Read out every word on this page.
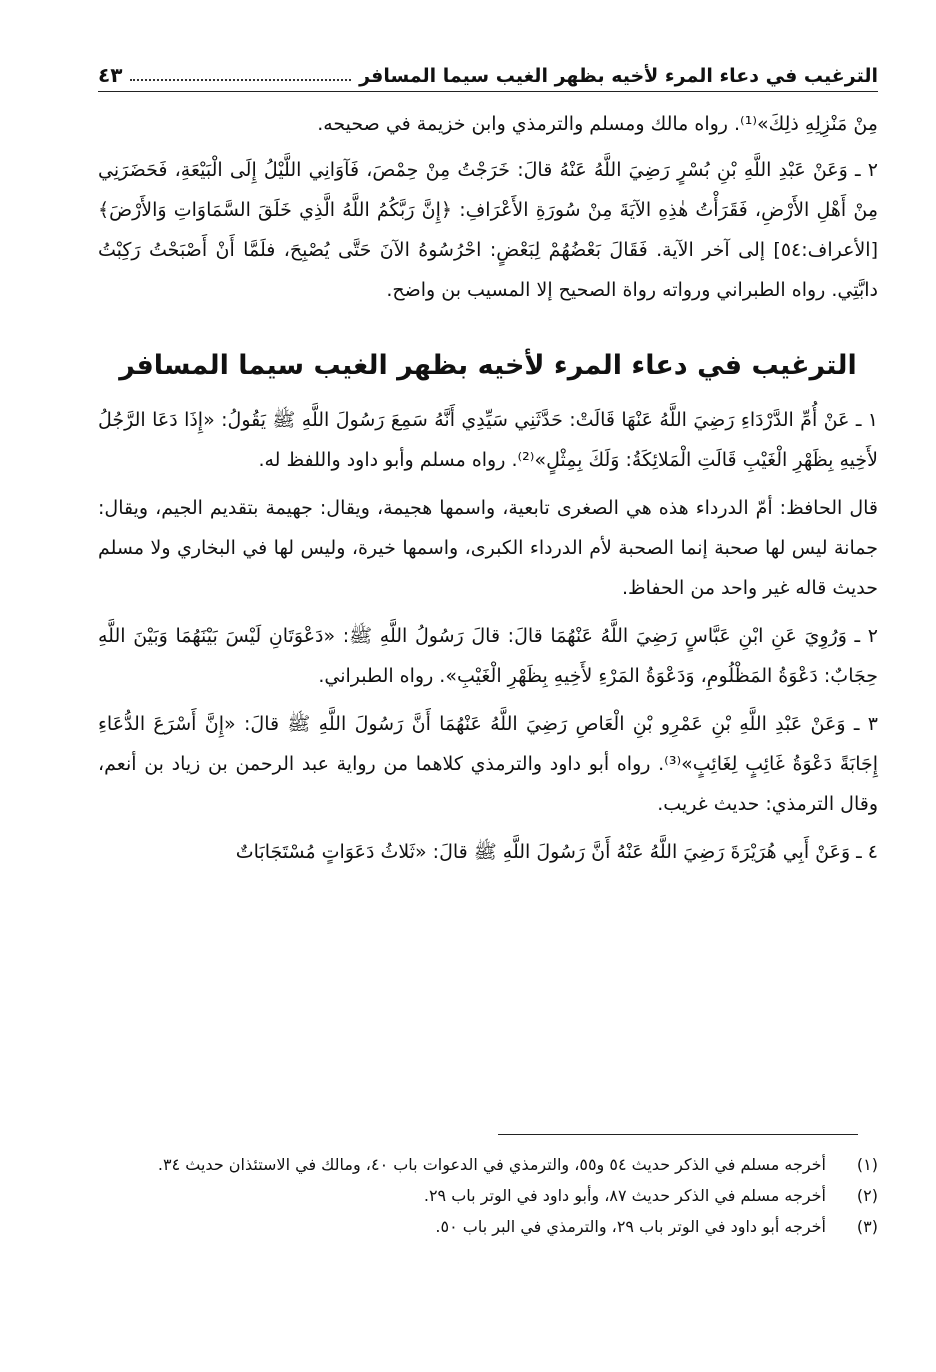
الترغيب في دعاء المرء لأخيه بظهر الغيب سيما المسافر
٤٣

مِنْ مَنْزِلِهِ ذلِكَ»⁽¹⁾. رواه مالك ومسلم والترمذي وابن خزيمة في صحيحه.

٢ ـ وَعَنْ عَبْدِ اللَّهِ بْنِ بُسْرٍ رَضِيَ اللَّهُ عَنْهُ قالَ: خَرَجْتُ مِنْ حِمْصَ، فَآوَانِي اللَّيْلُ إِلَى الْبَيْعَةِ، فَحَضَرَنِي مِنْ أَهْلِ الأَرْضِ، فَقَرَأْتُ هٰذِهِ الآيَةَ مِنْ سُورَةِ الأَعْرَافِ: ﴿إِنَّ رَبَّكُمُ اللَّهُ الَّذِي خَلَقَ السَّمَاوَاتِ وَالأَرْضَ﴾[الأعراف:٥٤] إلى آخر الآية. فَقَالَ بَعْضُهُمْ لِبَعْضٍ: احْرُسُوهُ الآنَ حَتَّى يُصْبِحَ، فلَمَّا أَنْ أَصْبَحْتُ رَكِبْتُ دابَّتِي. رواه الطبراني ورواته رواة الصحيح إلا المسيب بن واضح.

الترغيب في دعاء المرء لأخيه بظهر الغيب سيما المسافر

١ ـ عَنْ أُمِّ الدَّرْدَاءِ رَضِيَ اللَّهُ عَنْهَا قَالَتْ: حَدَّثَنِي سَيِّدِي أَنَّهُ سَمِعَ رَسُولَ اللَّهِ ﷺ يَقُولُ: «إِذَا دَعَا الرَّجُلُ لأَخِيهِ بِظَهْرِ الْغَيْبِ قَالَتِ الْمَلائِكَةُ: وَلَكَ بِمِثْلٍ»⁽²⁾. رواه مسلم وأبو داود واللفظ له.

قال الحافظ: أمّ الدرداء هذه هي الصغرى تابعية، واسمها هجيمة، ويقال: جهيمة بتقديم الجيم، ويقال: جمانة ليس لها صحبة إنما الصحبة لأم الدرداء الكبرى، واسمها خيرة، وليس لها في البخاري ولا مسلم حديث قاله غير واحد من الحفاظ.

٢ ـ وَرُوِيَ عَنِ ابْنِ عَبَّاسٍ رَضِيَ اللَّهُ عَنْهُمَا قالَ: قالَ رَسُولُ اللَّهِ ﷺ: «دَعْوَتَانِ لَيْسَ بَيْنَهُمَا وَبَيْنَ اللَّهِ حِجَابٌ: دَعْوَةُ المَظْلُومِ، وَدَعْوَةُ المَرْءِ لأَخِيهِ بِظَهْرِ الْغَيْبِ». رواه الطبراني.

٣ ـ وَعَنْ عَبْدِ اللَّهِ بْنِ عَمْرِو بْنِ الْعَاصِ رَضِيَ اللَّهُ عَنْهُمَا أَنَّ رَسُولَ اللَّهِ ﷺ قالَ: «إِنَّ أَسْرَعَ الدُّعَاءِ إِجَابَةً دَعْوَةُ غَائِبٍ لِغَائِبٍ»⁽³⁾. رواه أبو داود والترمذي كلاهما من رواية عبد الرحمن بن زياد بن أنعم، وقال الترمذي: حديث غريب.

٤ ـ وَعَنْ أَبِي هُرَيْرَةَ رَضِيَ اللَّهُ عَنْهُ أَنَّ رَسُولَ اللَّهِ ﷺ قالَ: «ثَلاثُ دَعَوَاتٍ مُسْتَجَابَاتٌ

(١)
أخرجه مسلم في الذكر حديث ٥٤ و٥٥، والترمذي في الدعوات باب ٤٠، ومالك في الاستئذان حديث ٣٤.
(٢)
أخرجه مسلم في الذكر حديث ٨٧، وأبو داود في الوتر باب ٢٩.
(٣)
أخرجه أبو داود في الوتر باب ٢٩، والترمذي في البر باب ٥٠.
